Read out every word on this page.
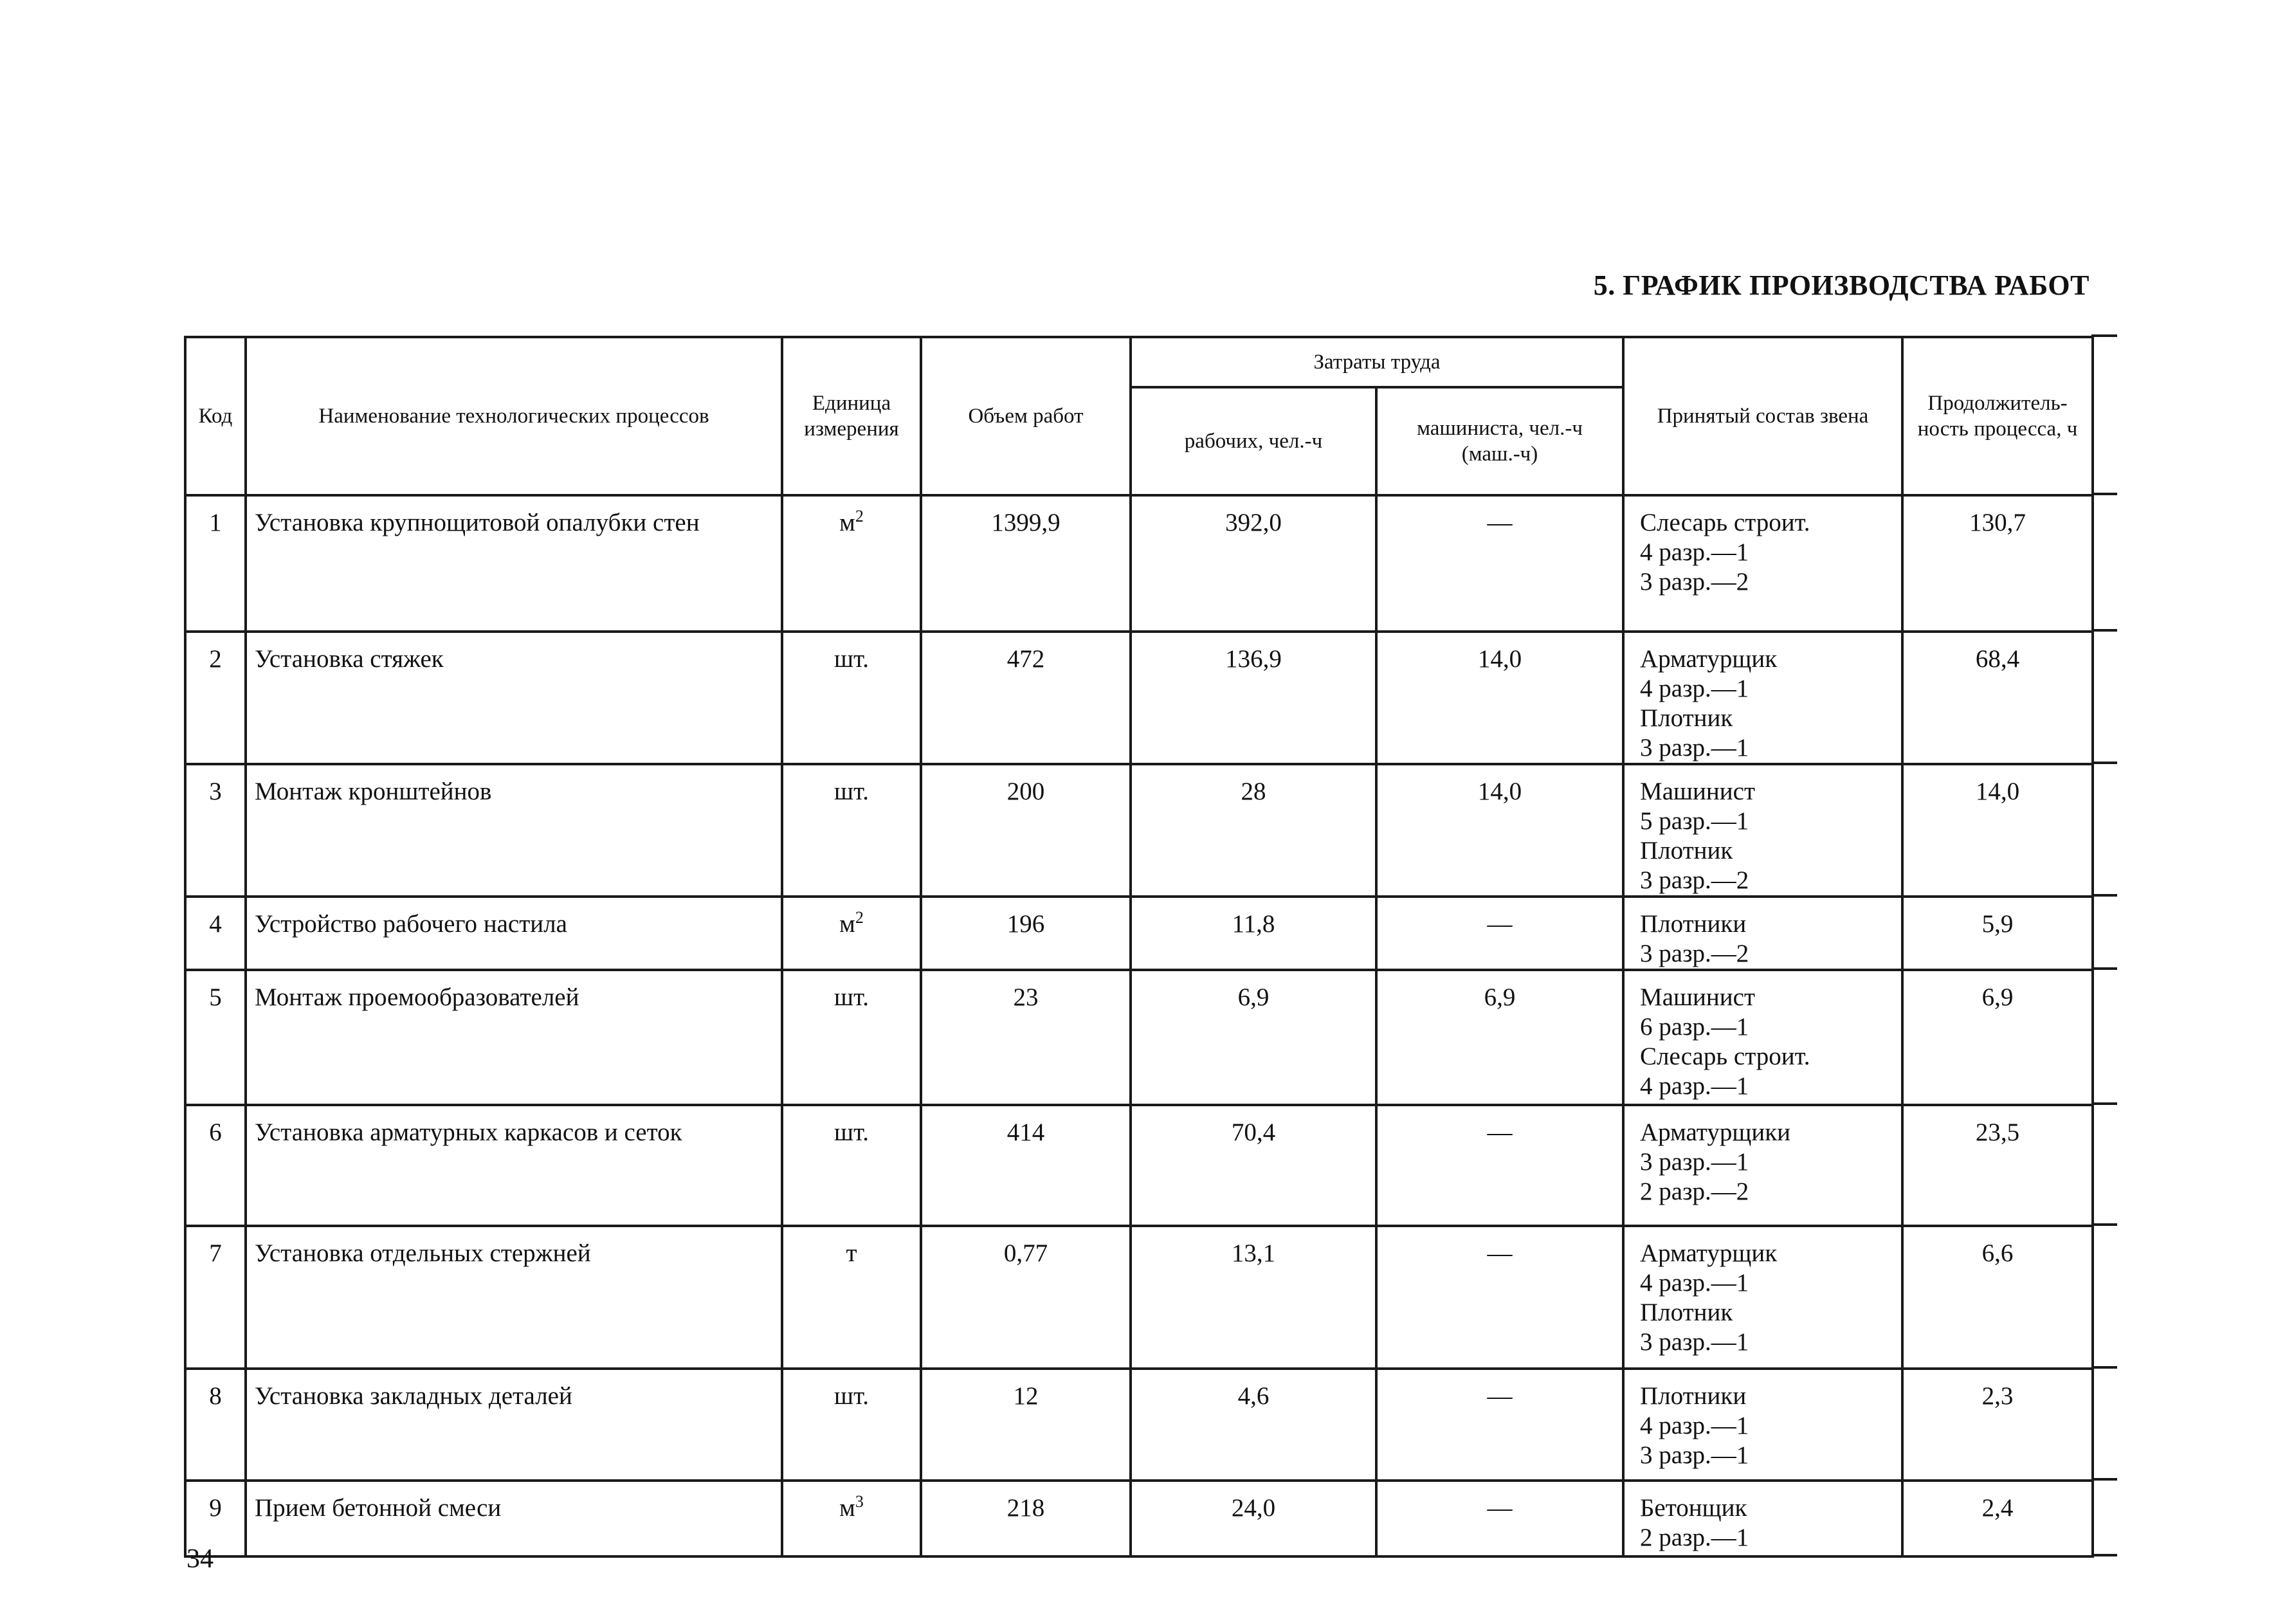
5. ГРАФИК ПРОИЗВОДСТВА РАБОТ
Код	Наименование технологических процессов	Единица измерения	Объем работ	Затраты труда		Принятый состав звена	Продолжитель-ность процесса, ч
				рабочих, чел.-ч	машиниста, чел.-ч (маш.-ч)		
1	Установка крупнощитовой опалубки стен	$м^2$	1399,9	392,0	—	Слесарь строит.
4 разр.—1
3 разр.—2	130,7
2	Установка стяжек	шт.	472	136,9	14,0	Арматурщик
4 разр.—1
Плотник
3 разр.—1	68,4
3	Монтаж кронштейнов	шт.	200	28	14,0	Машинист
5 разр.—1
Плотник
3 разр.—2	14,0
4	Устройство рабочего настила	$м^2$	196	11,8	—	Плотники
3 разр.—2	5,9
5	Монтаж проемообразователей	шт.	23	6,9	6,9	Машинист
6 разр.—1
Слесарь строит.
4 разр.—1	6,9
6	Установка арматурных каркасов и сеток	шт.	414	70,4	—	Арматурщики
3 разр.—1
2 разр.—2	23,5
7	Установка отдельных стержней	т	0,77	13,1	—	Арматурщик
4 разр.—1
Плотник
3 разр.—1	6,6
8	Установка закладных деталей	шт.	12	4,6	—	Плотники
4 разр.—1
3 разр.—1	2,3
9	Прием бетонной смеси	$м^3$	218	24,0	—	Бетонщик
2 разр.—1	2,4
34
